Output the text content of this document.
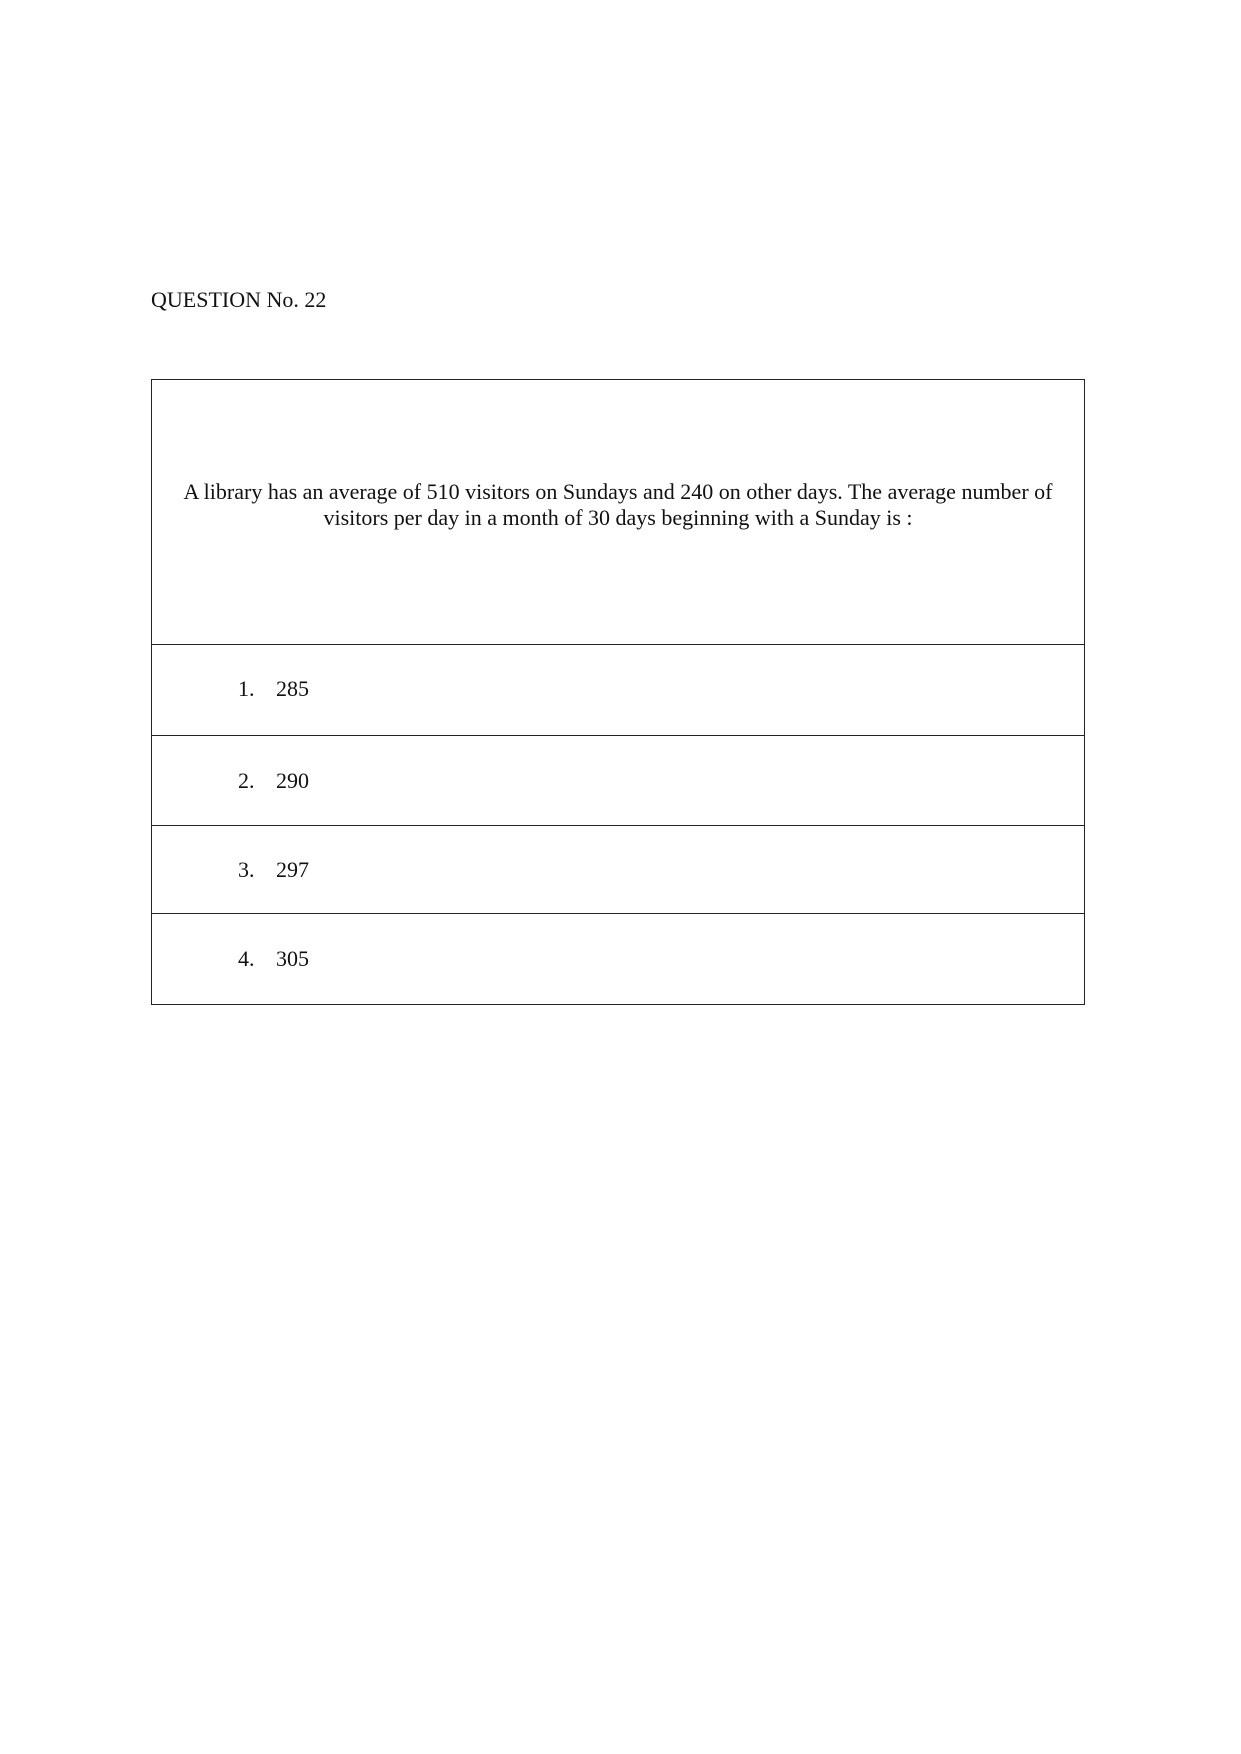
QUESTION No. 22
A library has an average of 510 visitors on Sundays and 240 on other days. The average number of visitors per day in a month of 30 days beginning with a Sunday is :
1. 285
2. 290
3. 297
4. 305
